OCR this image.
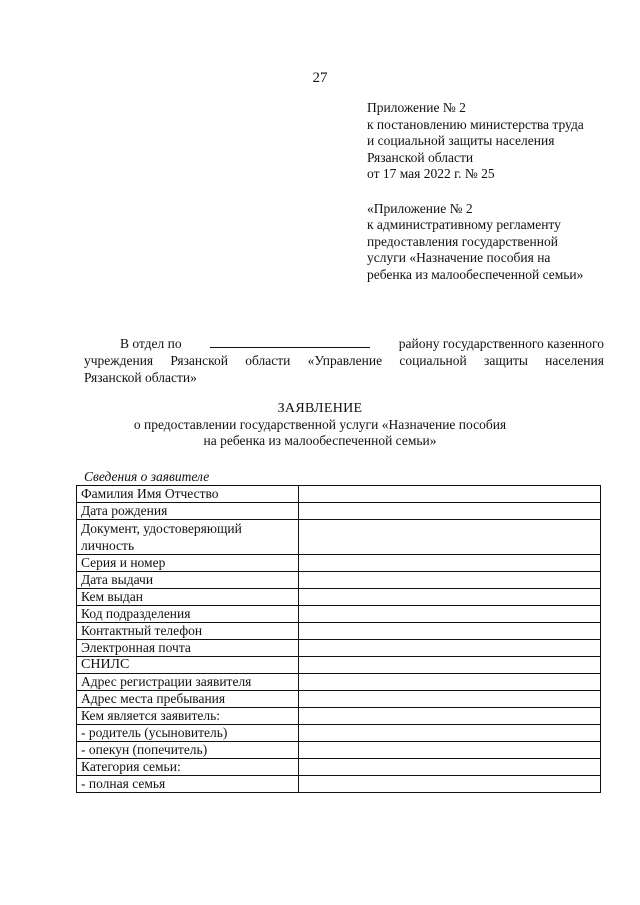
27
Приложение № 2
к постановлению министерства труда
и социальной защиты населения
Рязанской области
от 17 мая 2022 г. № 25
«Приложение № 2
к административному регламенту
предоставления государственной
услуги «Назначение пособия на
ребенка из малообеспеченной семьи»
В отдел по	району государственного казенного
учреждения Рязанской области «Управление социальной защиты населения
Рязанской области»
ЗАЯВЛЕНИЕ
о предоставлении государственной услуги «Назначение пособия
на ребенка из малообеспеченной семьи»
Сведения о заявителе
Фамилия Имя Отчество	
Дата рождения	
Документ, удостоверяющий личность	
Серия и номер	
Дата выдачи	
Кем выдан	
Код подразделения	
Контактный телефон	
Электронная почта	
СНИЛС	
Адрес регистрации заявителя	
Адрес места пребывания	
Кем является заявитель:	
- родитель (усыновитель)	
- опекун (попечитель)	
Категория семьи:	
- полная семья	
